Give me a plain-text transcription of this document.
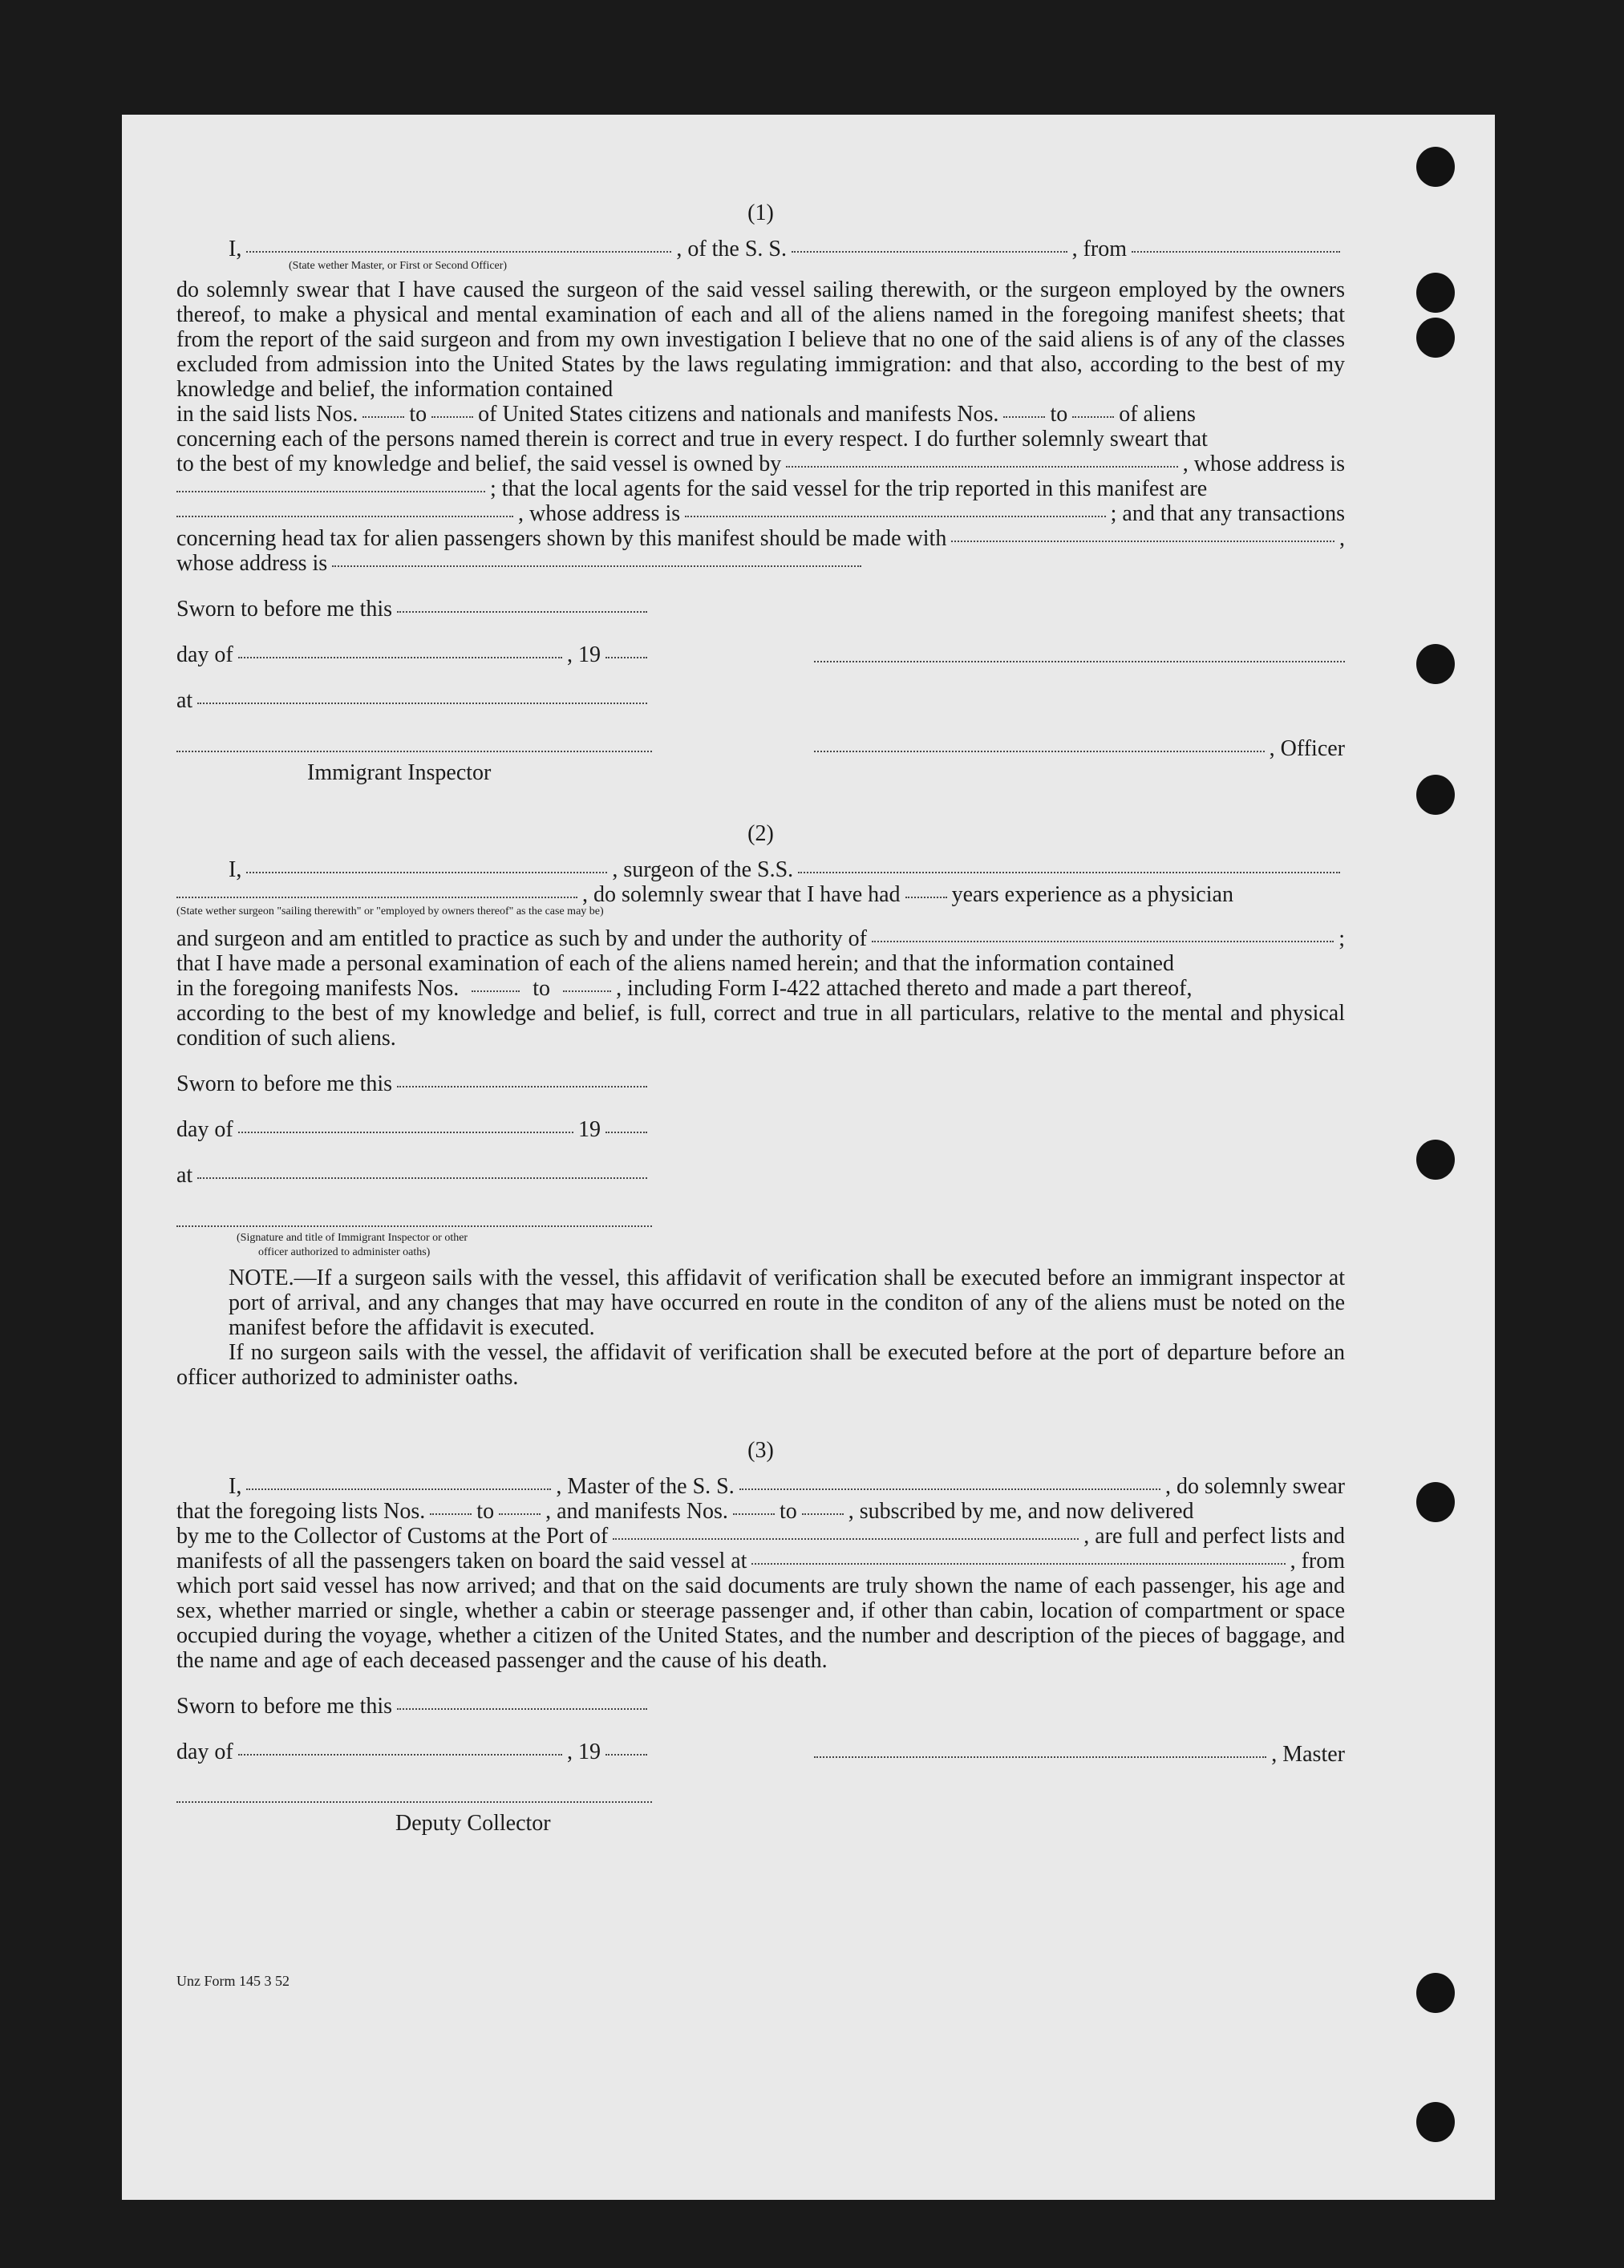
(1)
I,	, of the S. S.	, from
(State wether Master, or First or Second Officer)
do solemnly swear that I have caused the surgeon of the said vessel sailing therewith, or the surgeon employed by the owners thereof, to make a physical and mental examination of each and all of the aliens named in the foregoing manifest sheets; that from the report of the said surgeon and from my own investigation I believe that no one of the said aliens is of any of the classes excluded from admission into the United States by the laws regulating immigration: and that also, according to the best of my knowledge and belief, the information contained
in the said lists Nos. to of United States citizens and nationals and manifests Nos. to of aliens
concerning each of the persons named therein is correct and true in every respect. I do further solemnly sweart that
to the best of my knowledge and belief, the said vessel is owned by	, whose address is
; that the local agents for the said vessel for the trip reported in this manifest are
, whose address is	; and that any transactions
concerning head tax for alien passengers shown by this manifest should be made with	,
whose address is
Sworn to before me this
day of	, 19
at
Immigrant Inspector
, Officer
(2)
I,	, surgeon of the S.S.
, do solemnly swear that I have had years experience as a physician
(State wether surgeon "sailing therewith" or "employed by owners thereof" as the case may be)
and surgeon and am entitled to practice as such by and under the authority of	;
that I have made a personal examination of each of the aliens named herein; and that the information contained
in the foregoing manifests Nos.	to	, including Form I-422 attached thereto and made a part thereof,
according to the best of my knowledge and belief, is full, correct and true in all particulars, relative to the mental and physical condition of such aliens.
Sworn to before me this
day of	19
at
(Signature and title of Immigrant Inspector or other
officer authorized to administer oaths)
NOTE.—If a surgeon sails with the vessel, this affidavit of verification shall be executed before an immigrant inspector at port of arrival, and any changes that may have occurred en route in the conditon of any of the aliens must be noted on the manifest before the affidavit is executed.
If no surgeon sails with the vessel, the affidavit of verification shall be executed before at the port of departure before an officer authorized to administer oaths.
(3)
I,	, Master of the S. S.	, do solemnly swear
that the foregoing lists Nos. to , and manifests Nos. to , subscribed by me, and now delivered
by me to the Collector of Customs at the Port of	, are full and perfect lists and
manifests of all the passengers taken on board the said vessel at	, from
which port said vessel has now arrived; and that on the said documents are truly shown the name of each passenger, his age and sex, whether married or single, whether a cabin or steerage passenger and, if other than cabin, location of compartment or space occupied during the voyage, whether a citizen of the United States, and the number and description of the pieces of baggage, and the name and age of each deceased passenger and the cause of his death.
Sworn to before me this
day of	, 19	, Master
Deputy Collector
Unz Form 145 3 52
